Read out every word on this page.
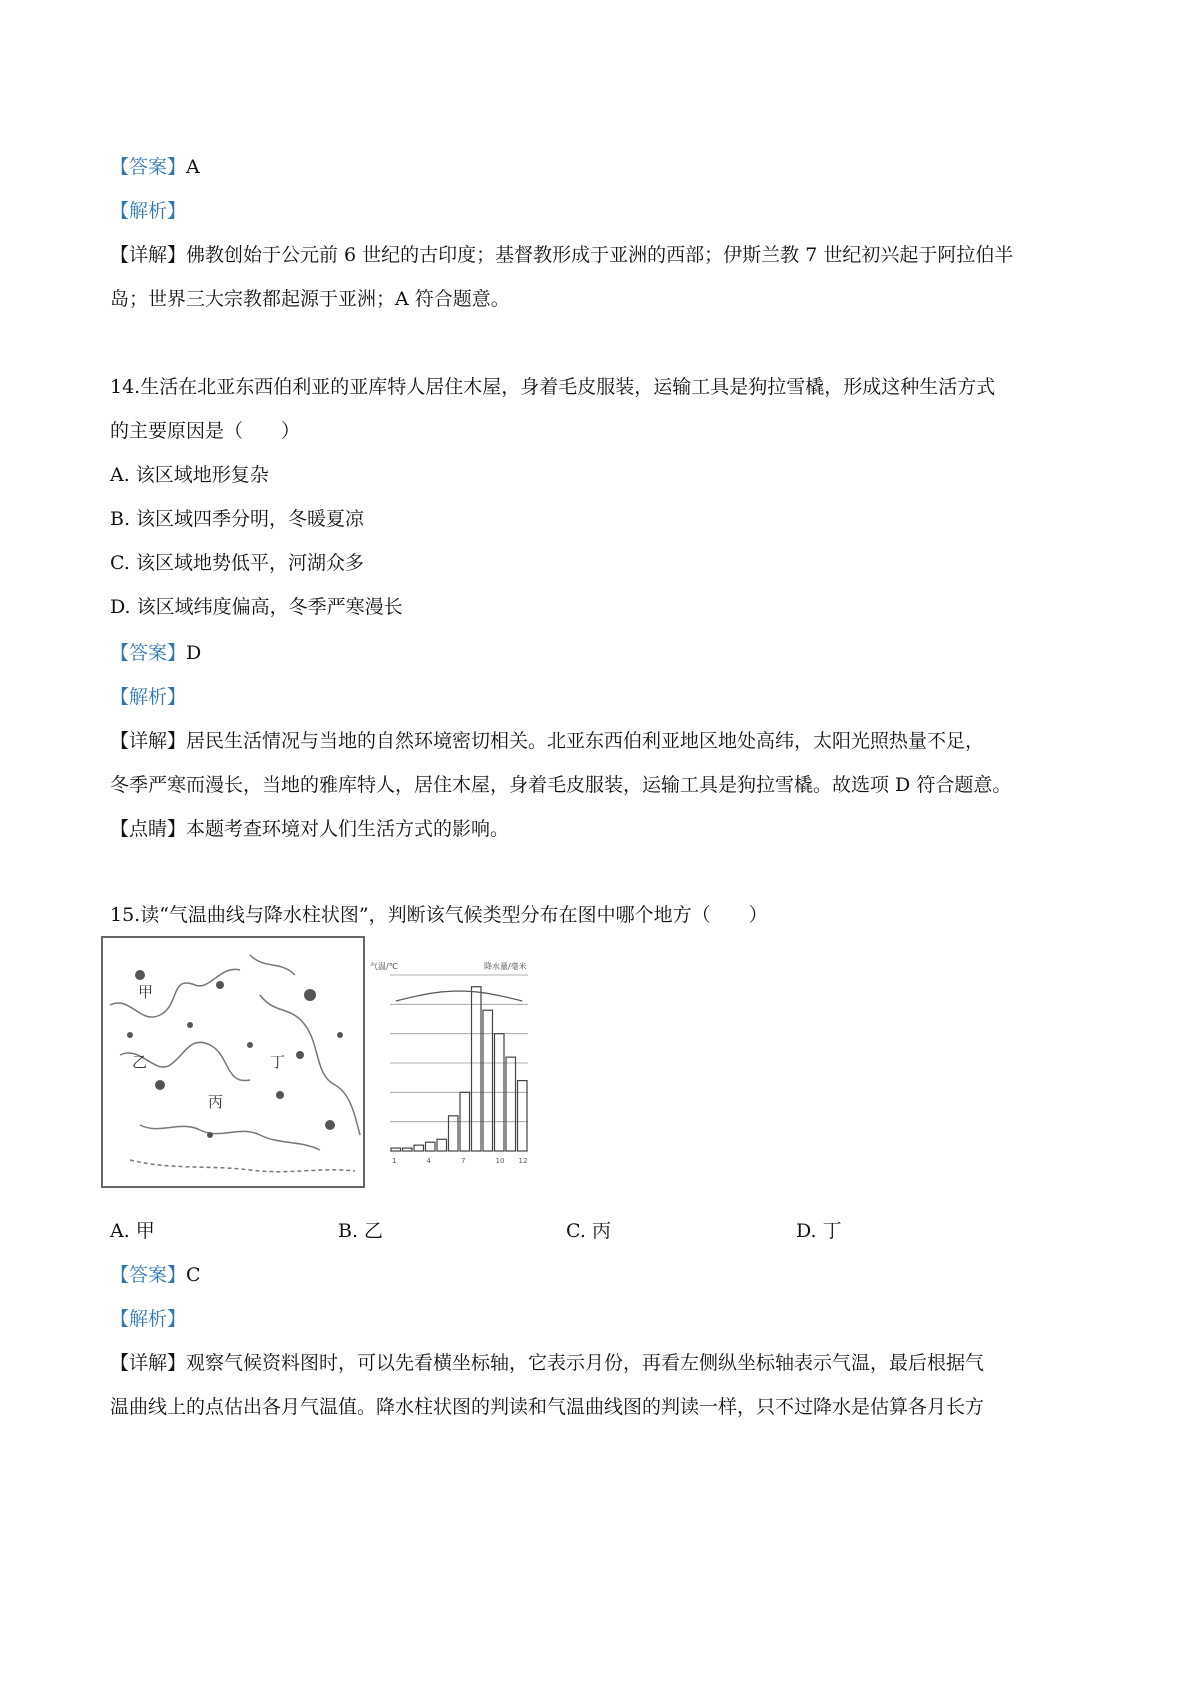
【答案】A
【解析】
【详解】佛教创始于公元前 6 世纪的古印度；基督教形成于亚洲的西部；伊斯兰教 7 世纪初兴起于阿拉伯半
岛；世界三大宗教都起源于亚洲；A 符合题意。
14.生活在北亚东西伯利亚的亚库特人居住木屋，身着毛皮服装，运输工具是狗拉雪橇，形成这种生活方式
的主要原因是（　　）
A. 该区域地形复杂
B. 该区域四季分明，冬暖夏凉
C. 该区域地势低平，河湖众多
D. 该区域纬度偏高，冬季严寒漫长
【答案】D
【解析】
【详解】居民生活情况与当地的自然环境密切相关。北亚东西伯利亚地区地处高纬，太阳光照热量不足，
冬季严寒而漫长，当地的雅库特人，居住木屋，身着毛皮服装，运输工具是狗拉雪橇。故选项 D 符合题意。
【点睛】本题考查环境对人们生活方式的影响。
15.读“气温曲线与降水柱状图”，判断该气候类型分布在图中哪个地方（　　）
甲
乙
丙
丁
气温/℃	降水量/毫米
1	4	7	10 12
A. 甲	B. 乙	C. 丙	D. 丁
【答案】C
【解析】
【详解】观察气候资料图时，可以先看横坐标轴，它表示月份，再看左侧纵坐标轴表示气温，最后根据气
温曲线上的点估出各月气温值。降水柱状图的判读和气温曲线图的判读一样，只不过降水是估算各月长方
